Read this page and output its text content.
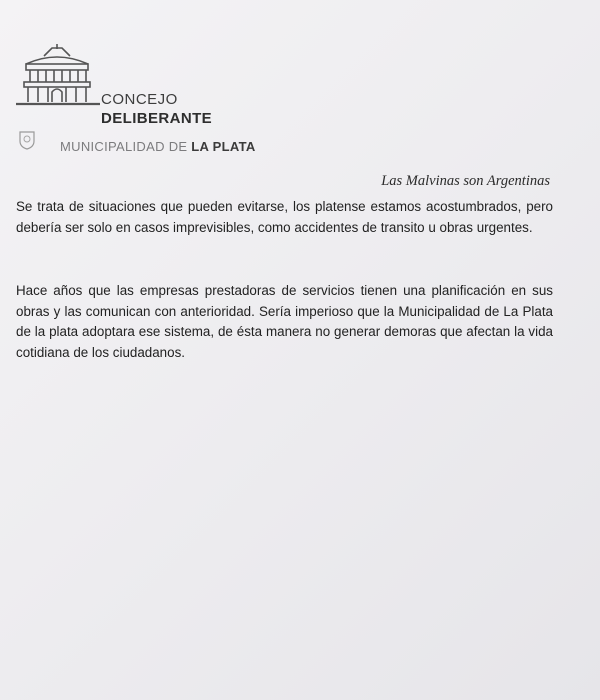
CONCEJO
DELIBERANTE
MUNICIPALIDAD DE LA PLATA
Las Malvinas son Argentinas

Se trata de situaciones que pueden evitarse, los platense estamos acostumbrados, pero debería ser solo en casos imprevisibles, como accidentes de transito u obras urgentes.

Hace años que las empresas prestadoras de servicios tienen una planificación en sus obras y las comunican con anterioridad. Sería imperioso que la Municipalidad de La Plata de la plata adoptara ese sistema, de ésta manera no generar demoras que afectan la vida cotidiana de los ciudadanos.
